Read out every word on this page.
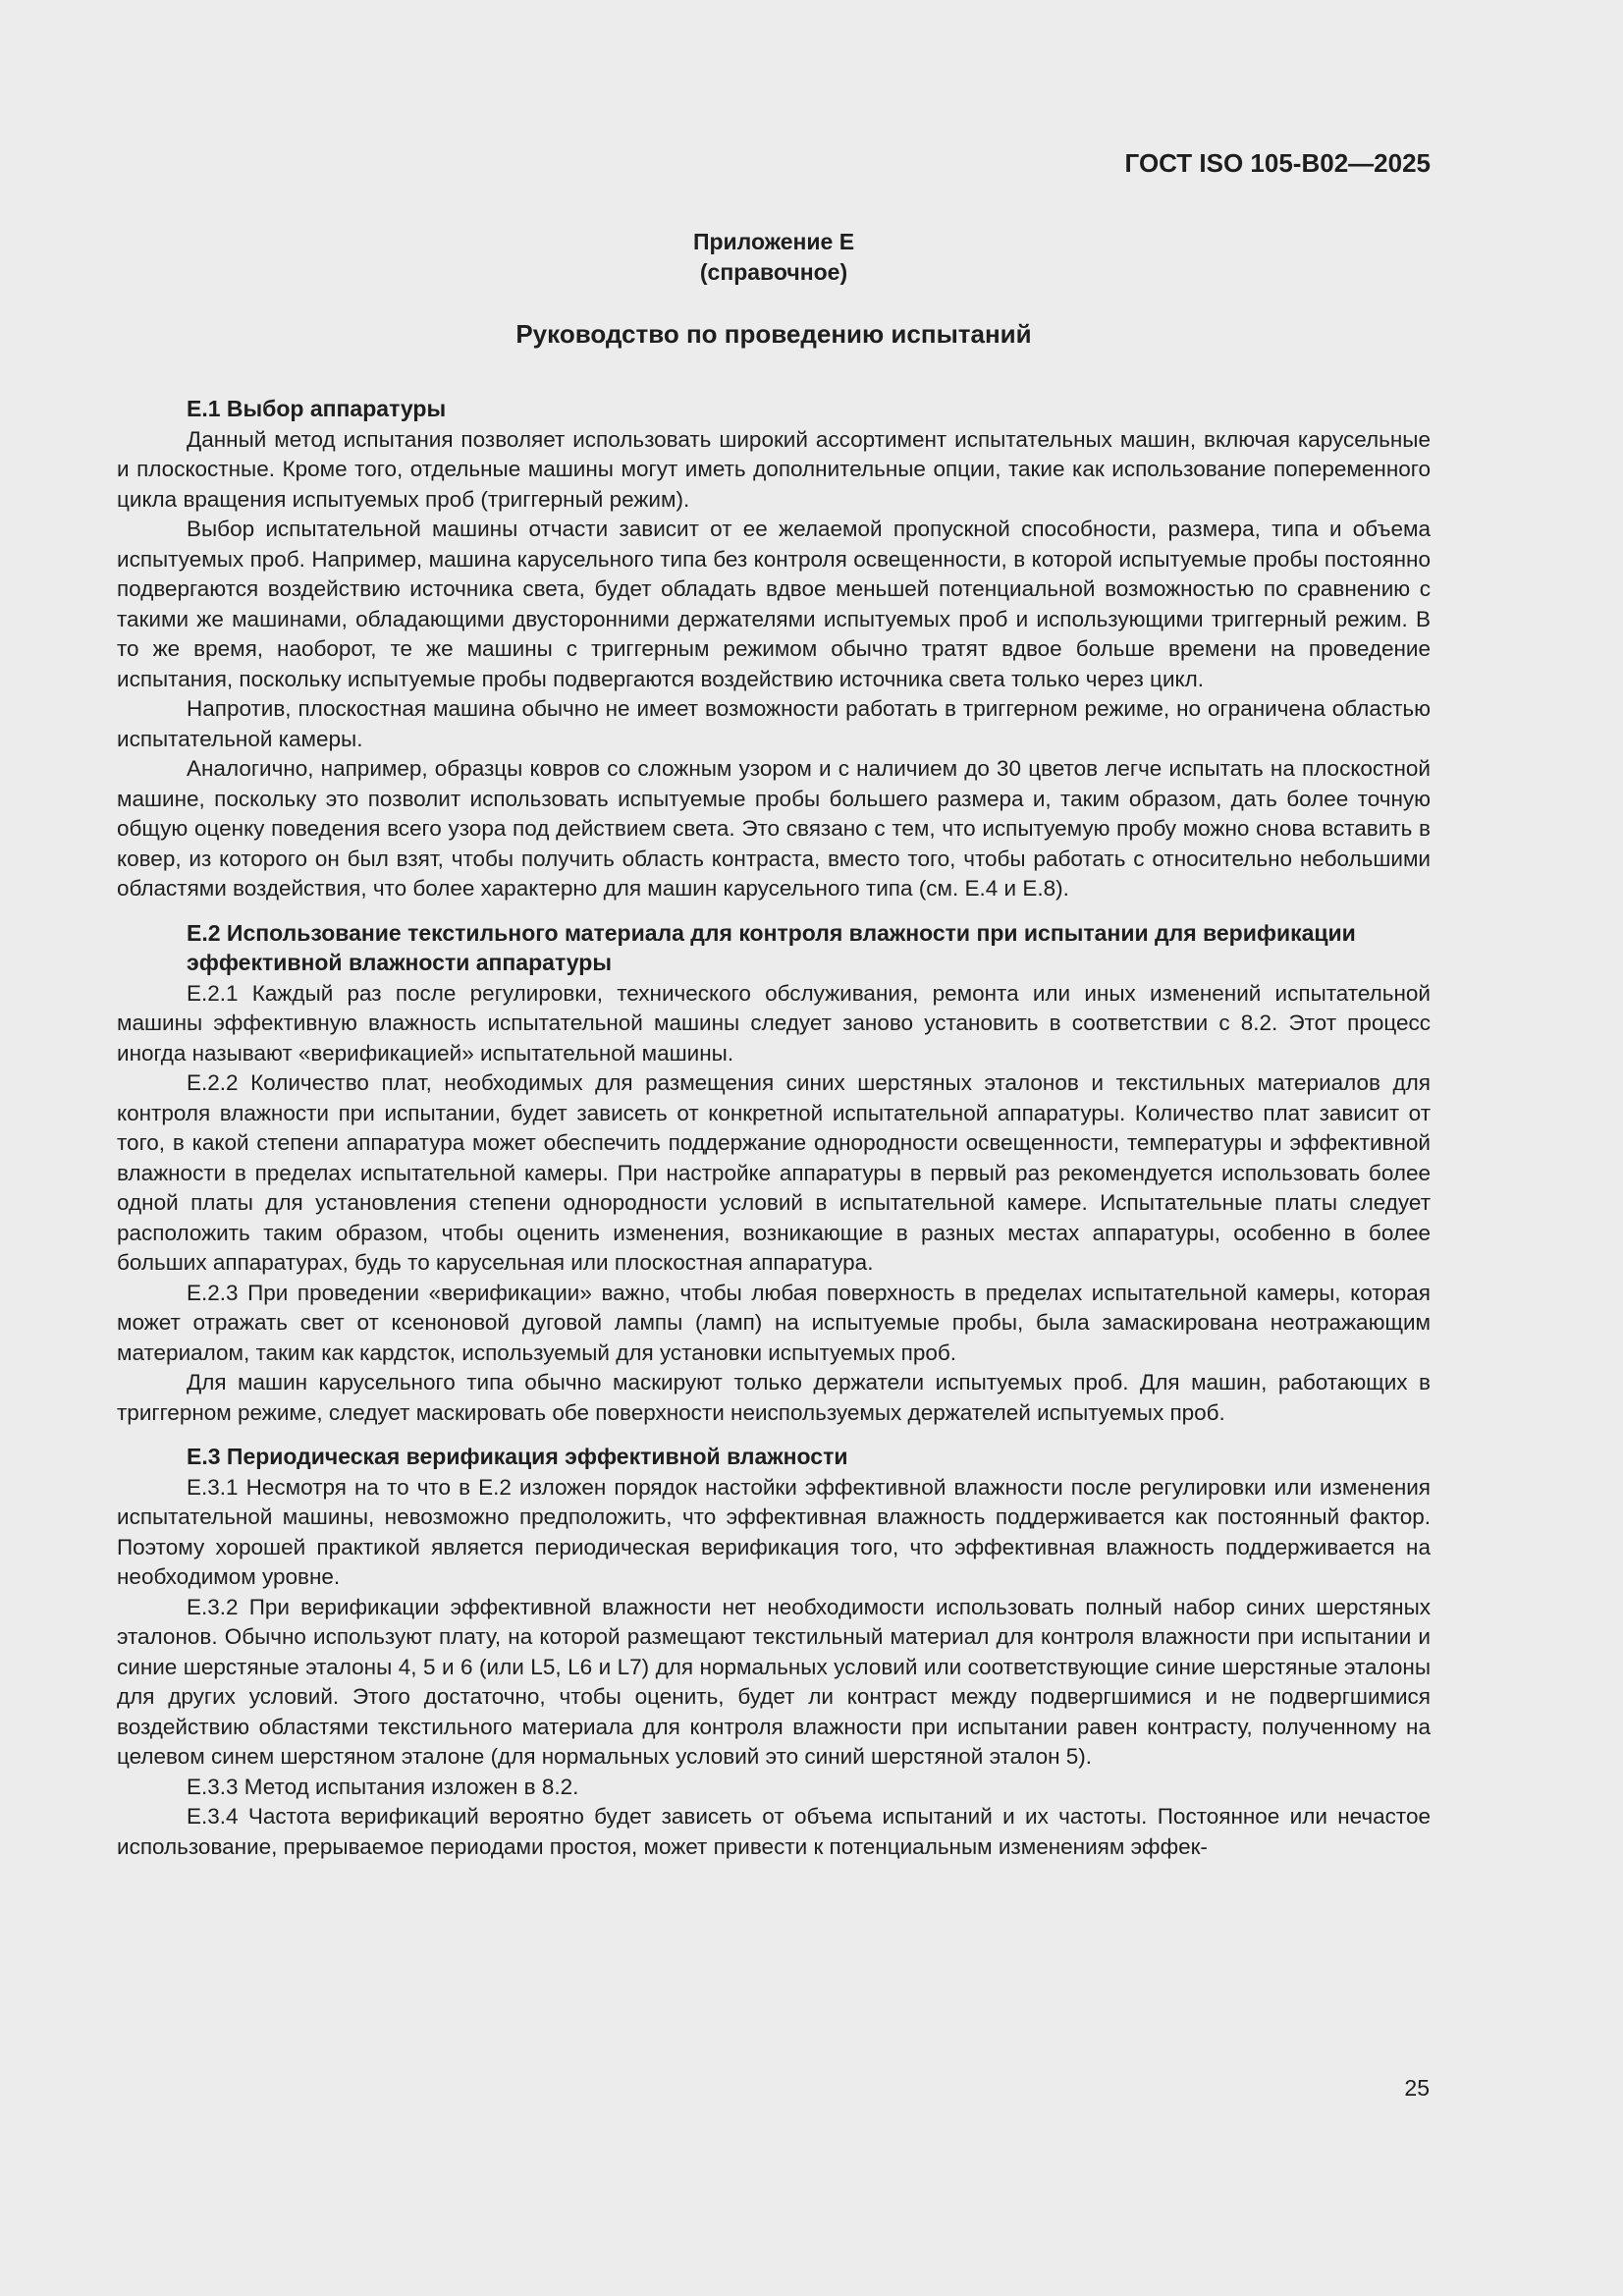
ГОСТ ISO 105-B02—2025
Приложение Е
(справочное)
Руководство по проведению испытаний
Е.1 Выбор аппаратуры

Данный метод испытания позволяет использовать широкий ассортимент испытательных машин, включая карусельные и плоскостные. Кроме того, отдельные машины могут иметь дополнительные опции, такие как использование попеременного цикла вращения испытуемых проб (триггерный режим).

Выбор испытательной машины отчасти зависит от ее желаемой пропускной способности, размера, типа и объема испытуемых проб. Например, машина карусельного типа без контроля освещенности, в которой испытуемые пробы постоянно подвергаются воздействию источника света, будет обладать вдвое меньшей потенциальной возможностью по сравнению с такими же машинами, обладающими двусторонними держателями испытуемых проб и использующими триггерный режим. В то же время, наоборот, те же машины с триггерным режимом обычно тратят вдвое больше времени на проведение испытания, поскольку испытуемые пробы подвергаются воздействию источника света только через цикл.

Напротив, плоскостная машина обычно не имеет возможности работать в триггерном режиме, но ограничена областью испытательной камеры.

Аналогично, например, образцы ковров со сложным узором и с наличием до 30 цветов легче испытать на плоскостной машине, поскольку это позволит использовать испытуемые пробы большего размера и, таким образом, дать более точную общую оценку поведения всего узора под действием света. Это связано с тем, что испытуемую пробу можно снова вставить в ковер, из которого он был взят, чтобы получить область контраста, вместо того, чтобы работать с относительно небольшими областями воздействия, что более характерно для машин карусельного типа (см. Е.4 и Е.8).

Е.2 Использование текстильного материала для контроля влажности при испытании для верификации эффективной влажности аппаратуры

Е.2.1 Каждый раз после регулировки, технического обслуживания, ремонта или иных изменений испытательной машины эффективную влажность испытательной машины следует заново установить в соответствии с 8.2. Этот процесс иногда называют «верификацией» испытательной машины.

Е.2.2 Количество плат, необходимых для размещения синих шерстяных эталонов и текстильных материалов для контроля влажности при испытании, будет зависеть от конкретной испытательной аппаратуры. Количество плат зависит от того, в какой степени аппаратура может обеспечить поддержание однородности освещенности, температуры и эффективной влажности в пределах испытательной камеры. При настройке аппаратуры в первый раз рекомендуется использовать более одной платы для установления степени однородности условий в испытательной камере. Испытательные платы следует расположить таким образом, чтобы оценить изменения, возникающие в разных местах аппаратуры, особенно в более больших аппаратурах, будь то карусельная или плоскостная аппаратура.

Е.2.3 При проведении «верификации» важно, чтобы любая поверхность в пределах испытательной камеры, которая может отражать свет от ксеноновой дуговой лампы (ламп) на испытуемые пробы, была замаскирована неотражающим материалом, таким как кардсток, используемый для установки испытуемых проб.

Для машин карусельного типа обычно маскируют только держатели испытуемых проб. Для машин, работающих в триггерном режиме, следует маскировать обе поверхности неиспользуемых держателей испытуемых проб.

Е.3 Периодическая верификация эффективной влажности

Е.3.1 Несмотря на то что в Е.2 изложен порядок настойки эффективной влажности после регулировки или изменения испытательной машины, невозможно предположить, что эффективная влажность поддерживается как постоянный фактор. Поэтому хорошей практикой является периодическая верификация того, что эффективная влажность поддерживается на необходимом уровне.

Е.3.2 При верификации эффективной влажности нет необходимости использовать полный набор синих шерстяных эталонов. Обычно используют плату, на которой размещают текстильный материал для контроля влажности при испытании и синие шерстяные эталоны 4, 5 и 6 (или L5, L6 и L7) для нормальных условий или соответствующие синие шерстяные эталоны для других условий. Этого достаточно, чтобы оценить, будет ли контраст между подвергшимися и не подвергшимися воздействию областями текстильного материала для контроля влажности при испытании равен контрасту, полученному на целевом синем шерстяном эталоне (для нормальных условий это синий шерстяной эталон 5).

Е.3.3 Метод испытания изложен в 8.2.

Е.3.4 Частота верификаций вероятно будет зависеть от объема испытаний и их частоты. Постоянное или нечастое использование, прерываемое периодами простоя, может привести к потенциальным изменениям эффек-

25
